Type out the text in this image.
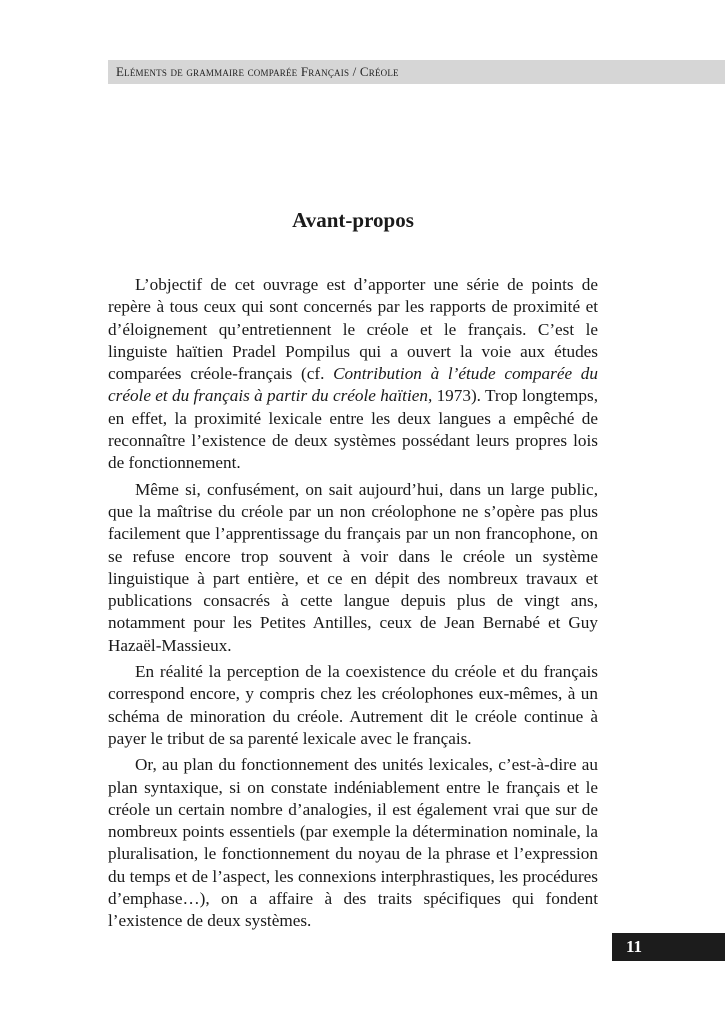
Eléments de grammaire comparée Français / Créole
Avant-propos

L’objectif de cet ouvrage est d’apporter une série de points de repère à tous ceux qui sont concernés par les rapports de proximité et d’éloignement qu’entretiennent le créole et le français. C’est le linguiste haïtien Pradel Pompilus qui a ouvert la voie aux études comparées créole-français (cf. Contribution à l’étude comparée du créole et du français à partir du créole haïtien, 1973). Trop longtemps, en effet, la proximité lexicale entre les deux langues a empêché de reconnaître l’existence de deux systèmes possédant leurs propres lois de fonctionnement.

Même si, confusément, on sait aujourd’hui, dans un large public, que la maîtrise du créole par un non créolophone ne s’opère pas plus facilement que l’apprentissage du français par un non francophone, on se refuse encore trop souvent à voir dans le créole un système linguistique à part entière, et ce en dépit des nombreux travaux et publications consacrés à cette langue depuis plus de vingt ans, notamment pour les Petites Antilles, ceux de Jean Bernabé et Guy Hazaël-Massieux.

En réalité la perception de la coexistence du créole et du français correspond encore, y compris chez les créolophones eux-mêmes, à un schéma de minoration du créole. Autrement dit le créole continue à payer le tribut de sa parenté lexicale avec le français.

Or, au plan du fonctionnement des unités lexicales, c’est-à-dire au plan syntaxique, si on constate indéniablement entre le français et le créole un certain nombre d’analogies, il est également vrai que sur de nombreux points essentiels (par exemple la détermination nominale, la pluralisation, le fonctionnement du noyau de la phrase et l’expression du temps et de l’aspect, les connexions interphrastiques, les procédures d’emphase…), on a affaire à des traits spécifiques qui fondent l’existence de deux systèmes.

11
